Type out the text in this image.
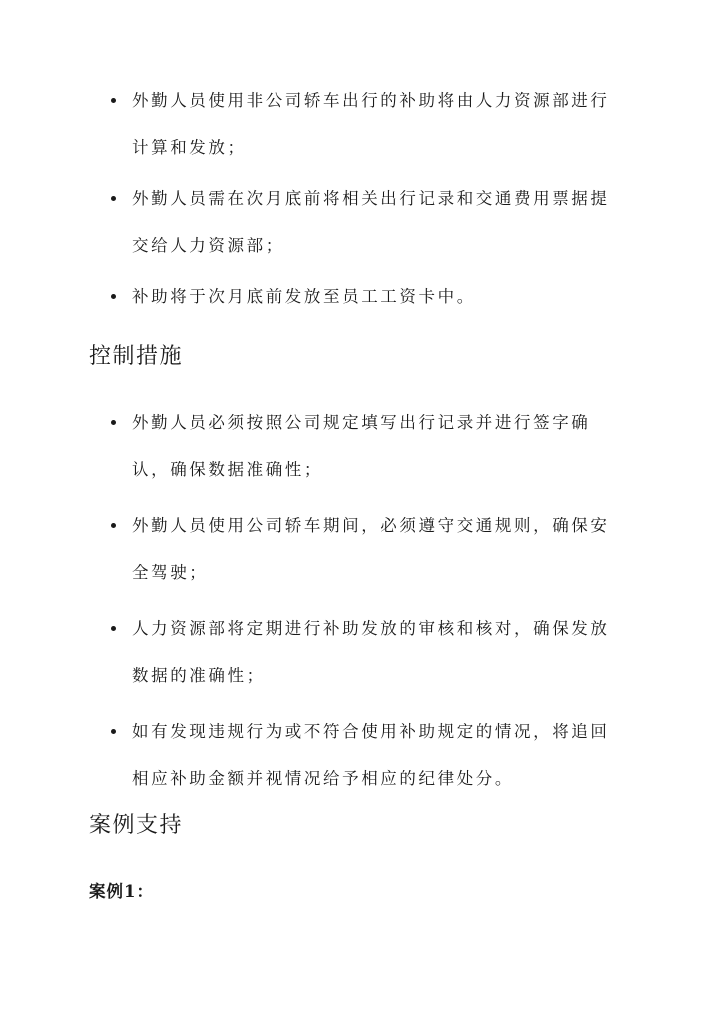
外勤人员使用非公司轿车出行的补助将由人力资源部进行计算和发放；
外勤人员需在次月底前将相关出行记录和交通费用票据提交给人力资源部；
补助将于次月底前发放至员工工资卡中。
控制措施
外勤人员必须按照公司规定填写出行记录并进行签字确认，确保数据准确性；
外勤人员使用公司轿车期间，必须遵守交通规则，确保安全驾驶；
人力资源部将定期进行补助发放的审核和核对，确保发放数据的准确性；
如有发现违规行为或不符合使用补助规定的情况，将追回相应补助金额并视情况给予相应的纪律处分。
案例支持
案例1：
